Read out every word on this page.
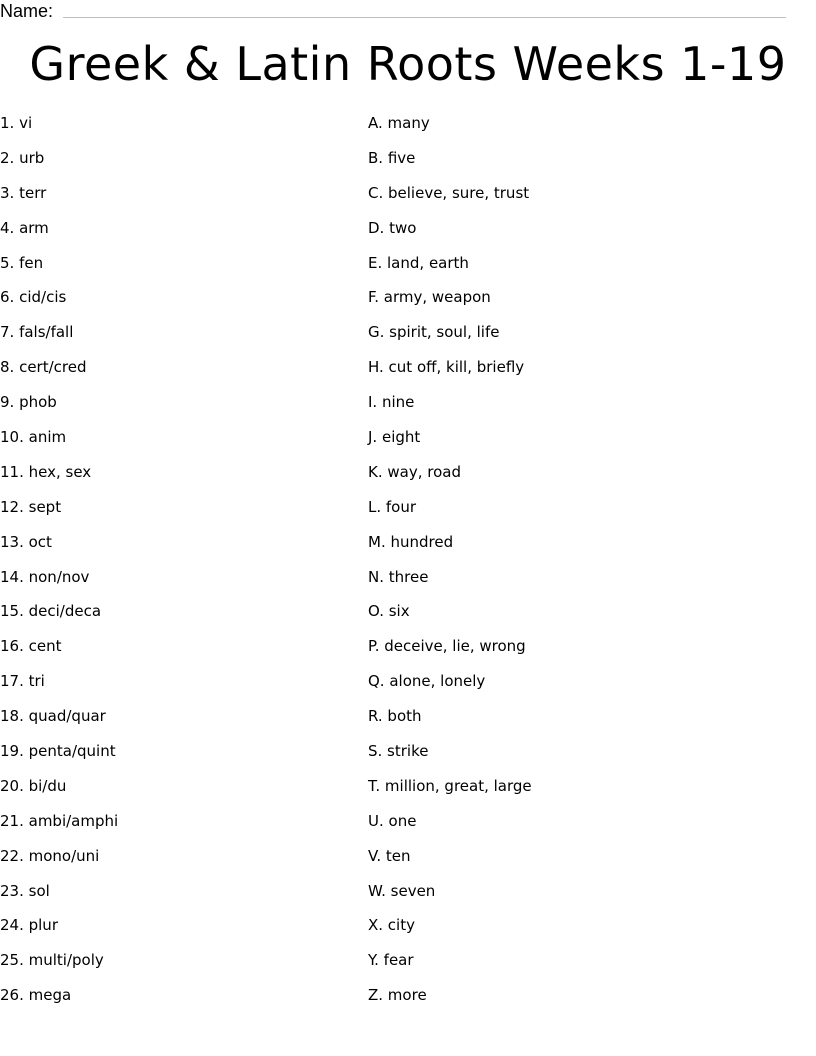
Name:
Greek & Latin Roots Weeks 1-19
1. vi
2. urb
3. terr
4. arm
5. fen
6. cid/cis
7. fals/fall
8. cert/cred
9. phob
10. anim
11. hex, sex
12. sept
13. oct
14. non/nov
15. deci/deca
16. cent
17. tri
18. quad/quar
19. penta/quint
20. bi/du
21. ambi/amphi
22. mono/uni
23. sol
24. plur
25. multi/poly
26. mega
A. many
B. five
C. believe, sure, trust
D. two
E. land, earth
F. army, weapon
G. spirit, soul, life
H. cut off, kill, briefly
I. nine
J. eight
K. way, road
L. four
M. hundred
N. three
O. six
P. deceive, lie, wrong
Q. alone, lonely
R. both
S. strike
T. million, great, large
U. one
V. ten
W. seven
X. city
Y. fear
Z. more
